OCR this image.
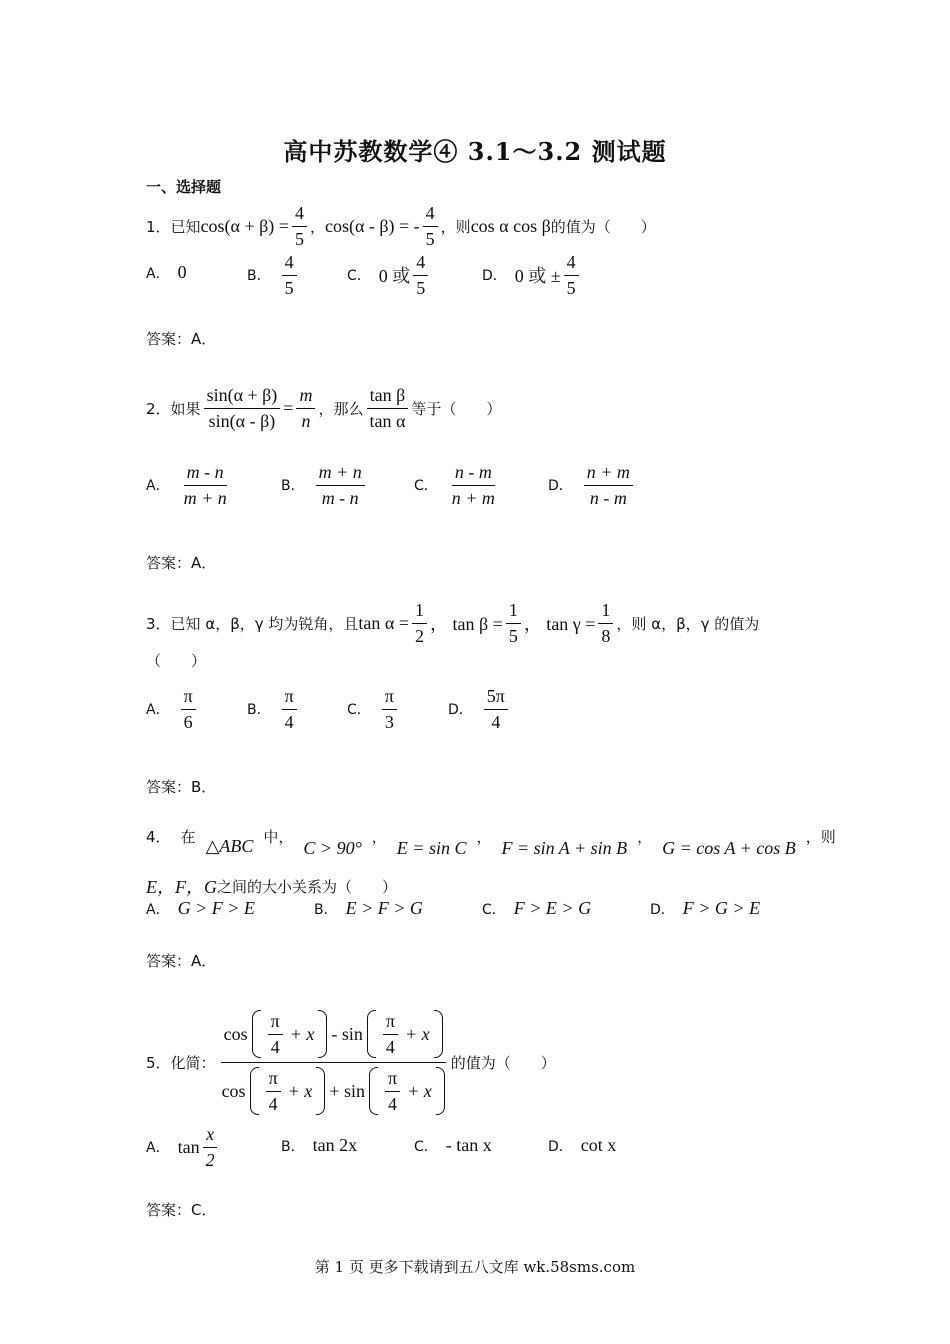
高中苏教数学④ 3.1～3.2 测试题
一、选择题
1． 已知 $\cos(\alpha + \beta) = \frac{4}{5}$ ， cos(α - β) = - $\frac{4}{5}$ ，则 cos α cos β 的值为（　　）
A． 0	B． $\frac{4}{5}$	C． 0 或 $\frac{4}{5}$	D． 0 或 ± $\frac{4}{5}$
答案：A．
2． 如果 $\frac{\sin(\alpha + \beta)}{\sin(\alpha - \beta)} = \frac{m}{n}$ ，那么 $\frac{\text{tan β}}{\text{tan α}}$ 等于（　　）
A． $\frac{m - n}{m + n}$	B． $\frac{m + n}{m - n}$	C． $\frac{n - m}{n + m}$	D． $\frac{n + m}{n - m}$
答案：A．
3． 已知 α，β，γ 均为锐角，且 $\tan \alpha = \frac{1}{2}$ ， $\tan \beta = \frac{1}{5}$ ， $\tan \gamma = \frac{1}{8}$ ，则 α，β，γ 的值为
（　　）
A． $\frac{\pi}{6}$	B． $\frac{\pi}{4}$	C． $\frac{\pi}{3}$	D． $\frac{5\pi}{4}$
答案：B．
4． 在 △ABC 中，
C > 90°
，
E = sin C
，
F = sin A + sin B
，
G = cos A + cos B
，则
E，F，G 之间的大小关系为（　　）
A． G > F > E	B． E > F > G	C． F > E > G	D． F > G > E
答案：A．
5． 化简：
$\cos \frac{\pi}{4} + x - \sin \frac{\pi}{4} + x$
$\cos \frac{\pi}{4} + x + \sin \frac{\pi}{4} + x$
的值为（　　）
A． $\tan \frac{x}{2}$	B． tan 2x	C． - tan x	D． cot x
答案：C．
第 1 页 更多下载请到五八文库 wk.58sms.com
